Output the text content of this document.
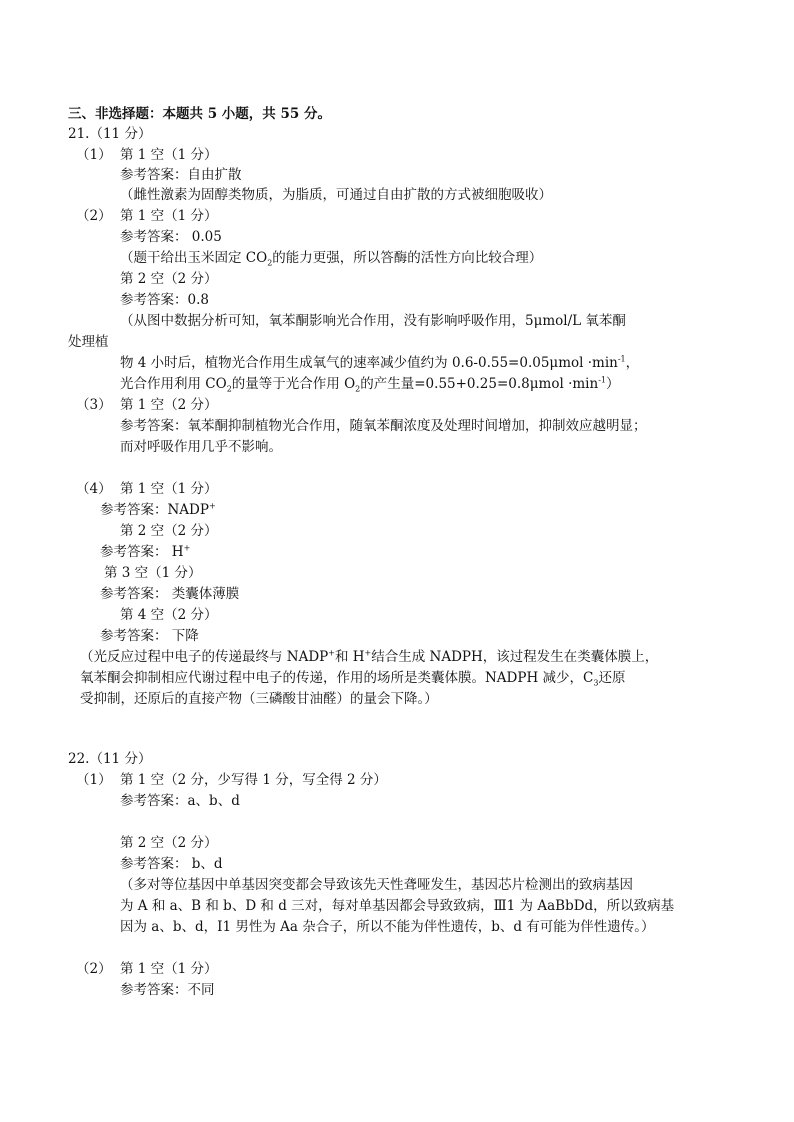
三、非选择题：本题共 5 小题，共 55 分。
21.（11 分）
（1） 第 1 空（1 分）
参考答案：自由扩散
（雌性激素为固醇类物质，为脂质，可通过自由扩散的方式被细胞吸收）
（2） 第 1 空（1 分）
参考答案： 0.05
（题干给出玉米固定 $CO_2$的能力更强，所以答酶的活性方向比较合理）
第 2 空（2 分）
参考答案：0.8
（从图中数据分析可知，氧苯酮影响光合作用，没有影响呼吸作用，5μmol/L 氧苯酮
处理植
物 4 小时后，植物光合作用生成氧气的速率减少值约为 $0.6-0.55=0.05\mu mol \cdot\min^{-1}$，
光合作用利用 $CO_2$的量等于光合作用 $O_2$的产生量$=0.55+0.25=0.8\mu mol \cdot\min^{-1}$）
（3） 第 1 空（2 分）
参考答案：氧苯酮抑制植物光合作用，随氧苯酮浓度及处理时间增加，抑制效应越明显；
而对呼吸作用几乎不影响。
（4） 第 1 空（1 分）
参考答案：NADP+
第 2 空（2 分）
参考答案： H+
第 3 空（1 分）
参考答案： 类囊体薄膜
第 4 空（2 分）
参考答案： 下降
（光反应过程中电子的传递最终与 NADP+和 H+结合生成 NADPH，该过程发生在类囊体膜上，
氧苯酮会抑制相应代谢过程中电子的传递，作用的场所是类囊体膜。NADPH 减少，$C_3$还原
受抑制，还原后的直接产物（三磷酸甘油醛）的量会下降。）
22.（11 分）
（1） 第 1 空（2 分，少写得 1 分，写全得 2 分）
参考答案：a、b、d
第 2 空（2 分）
参考答案： b、d
（多对等位基因中单基因突变都会导致该先天性聋哑发生，基因芯片检测出的致病基因
为 A 和 a、B 和 b、D 和 d 三对，每对单基因都会导致致病，Ⅲ1 为 AaBbDd，所以致病基
因为 a、b、d，Ⅰ1 男性为 Aa 杂合子，所以不能为伴性遗传，b、d 有可能为伴性遗传。）
（2） 第 1 空（1 分）
参考答案：不同
